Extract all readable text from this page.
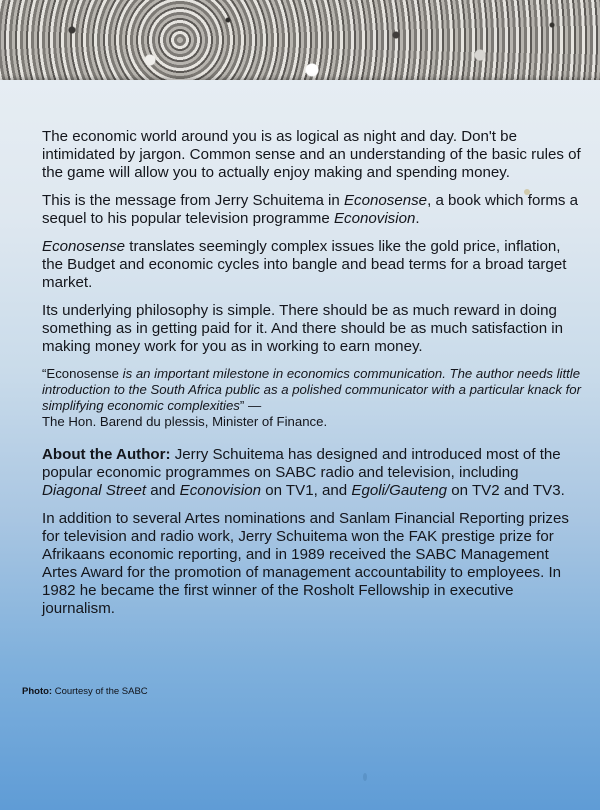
The economic world around you is as logical as night and day. Don't be intimidated by jargon. Common sense and an understanding of the basic rules of the game will allow you to actually enjoy making and spending money.

This is the message from Jerry Schuitema in Econosense, a book which forms a sequel to his popular television programme Econovision.

Econosense translates seemingly complex issues like the gold price, inflation, the Budget and economic cycles into bangle and bead terms for a broad target market.

Its underlying philosophy is simple. There should be as much reward in doing something as in getting paid for it. And there should be as much satisfaction in making money work for you as in working to earn money.

“Econosense is an important milestone in economics communication. The author needs little introduction to the South Africa public as a polished communicator with a particular knack for simplifying economic complexities” —
The Hon. Barend du plessis, Minister of Finance.

About the Author: Jerry Schuitema has designed and introduced most of the popular economic programmes on SABC radio and television, including Diagonal Street and Econovision on TV1, and Egoli/Gauteng on TV2 and TV3.

In addition to several Artes nominations and Sanlam Financial Reporting prizes for television and radio work, Jerry Schuitema won the FAK prestige prize for Afrikaans economic reporting, and in 1989 received the SABC Management Artes Award for the promotion of management accountability to employees. In 1982 he became the first winner of the Rosholt Fellowship in executive journalism.

Photo: Courtesy of the SABC
